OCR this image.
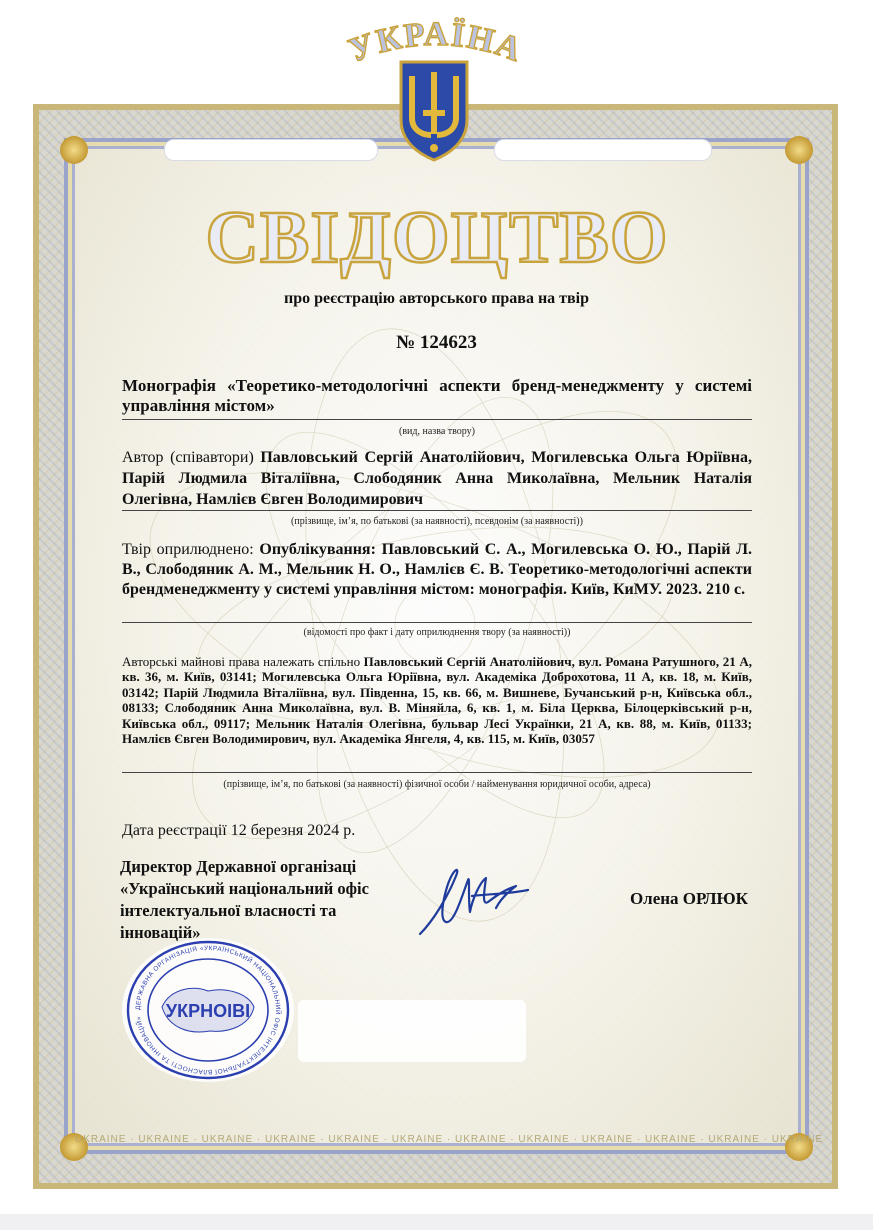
UKRAINE · UKRAINE · UKRAINE · UKRAINE · UKRAINE · UKRAINE · UKRAINE · UKRAINE · UKRAINE · UKRAINE · UKRAINE · UKRAINE
УКРАЇНА
СВІДОЦТВО
про реєстрацію авторського права на твір
№ 124623
Монографія «Теоретико-методологічні аспекти бренд-менеджменту у системі управління містом»
(вид, назва твору)
Автор (співавтори) Павловський Сергій Анатолійович, Могилевська Ольга Юріївна, Парій Людмила Віталіївна, Слободяник Анна Миколаївна, Мельник Наталія Олегівна, Намлієв Євген Володимирович
(прізвище, ім’я, по батькові (за наявності), псевдонім (за наявності))
Твір оприлюднено: Опублікування: Павловський С. А., Могилевська О. Ю., Парій Л. В., Слободяник А. М., Мельник Н. О., Намлієв Є. В. Теоретико-методологічні аспекти брендменеджменту у системі управління містом: монографія. Київ, КиМУ. 2023. 210 с.
(відомості про факт і дату оприлюднення твору (за наявності))
Авторські майнові права належать спільно Павловський Сергій Анатолійович, вул. Романа Ратушного, 21 А, кв. 36, м. Київ, 03141; Могилевська Ольга Юріївна, вул. Академіка Доброхотова, 11 А, кв. 18, м. Київ, 03142; Парій Людмила Віталіївна, вул. Південна, 15, кв. 66, м. Вишневе, Бучанський р-н, Київська обл., 08133; Слободяник Анна Миколаївна, вул. В. Міняйла, 6, кв. 1, м. Біла Церква, Білоцерківський р-н, Київська обл., 09117; Мельник Наталія Олегівна, бульвар Лесі Українки, 21 А, кв. 88, м. Київ, 01133; Намлієв Євген Володимирович, вул. Академіка Янгеля, 4, кв. 115, м. Київ, 03057
(прізвище, ім’я, по батькові (за наявності) фізичної особи / найменування юридичної особи, адреса)
Дата реєстрації 12 березня 2024 р.
Директор Державної організаці «Український національний офіс інтелектуальної власності та інновацій»
Олена ОРЛЮК
ДЕРЖАВНА ОРГАНІЗАЦІЯ «УКРАЇНСЬКИЙ НАЦІОНАЛЬНИЙ ОФІС ІНТЕЛЕКТУАЛЬНОЇ ВЛАСНОСТІ ТА ІННОВАЦІЙ»	УКРНОІВІ
